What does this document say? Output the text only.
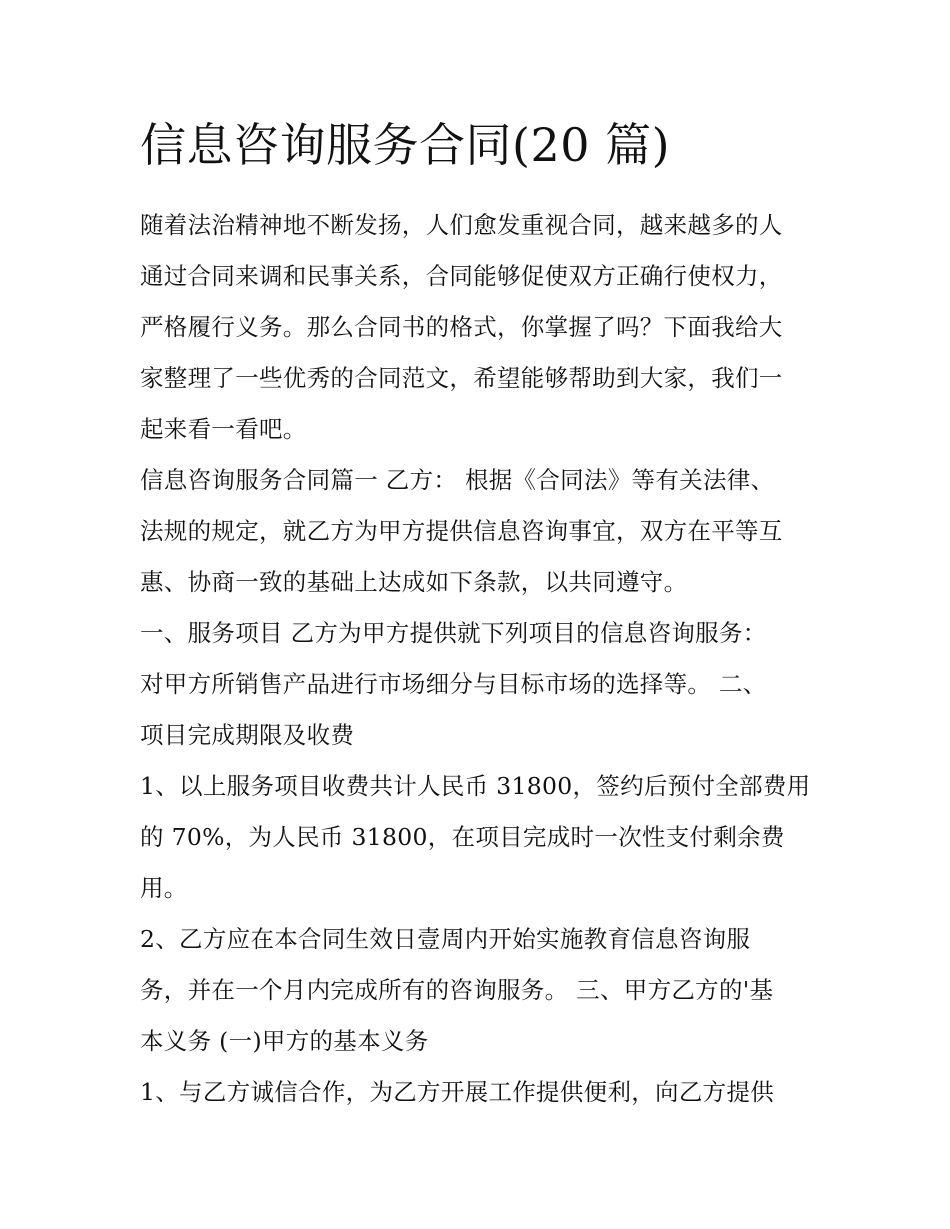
信息咨询服务合同(20 篇)
随着法治精神地不断发扬，人们愈发重视合同，越来越多的人
通过合同来调和民事关系，合同能够促使双方正确行使权力，
严格履行义务。那么合同书的格式，你掌握了吗？下面我给大
家整理了一些优秀的合同范文，希望能够帮助到大家，我们一
起来看一看吧。
信息咨询服务合同篇一 乙方： 根据《合同法》等有关法律、
法规的规定，就乙方为甲方提供信息咨询事宜，双方在平等互
惠、协商一致的基础上达成如下条款，以共同遵守。
一、服务项目 乙方为甲方提供就下列项目的信息咨询服务：
对甲方所销售产品进行市场细分与目标市场的选择等。 二、
项目完成期限及收费
1、以上服务项目收费共计人民币 31800，签约后预付全部费用
的 70%，为人民币 31800，在项目完成时一次性支付剩余费
用。
2、乙方应在本合同生效日壹周内开始实施教育信息咨询服
务，并在一个月内完成所有的咨询服务。 三、甲方乙方的'基
本义务 (一)甲方的基本义务
1、与乙方诚信合作，为乙方开展工作提供便利，向乙方提供
